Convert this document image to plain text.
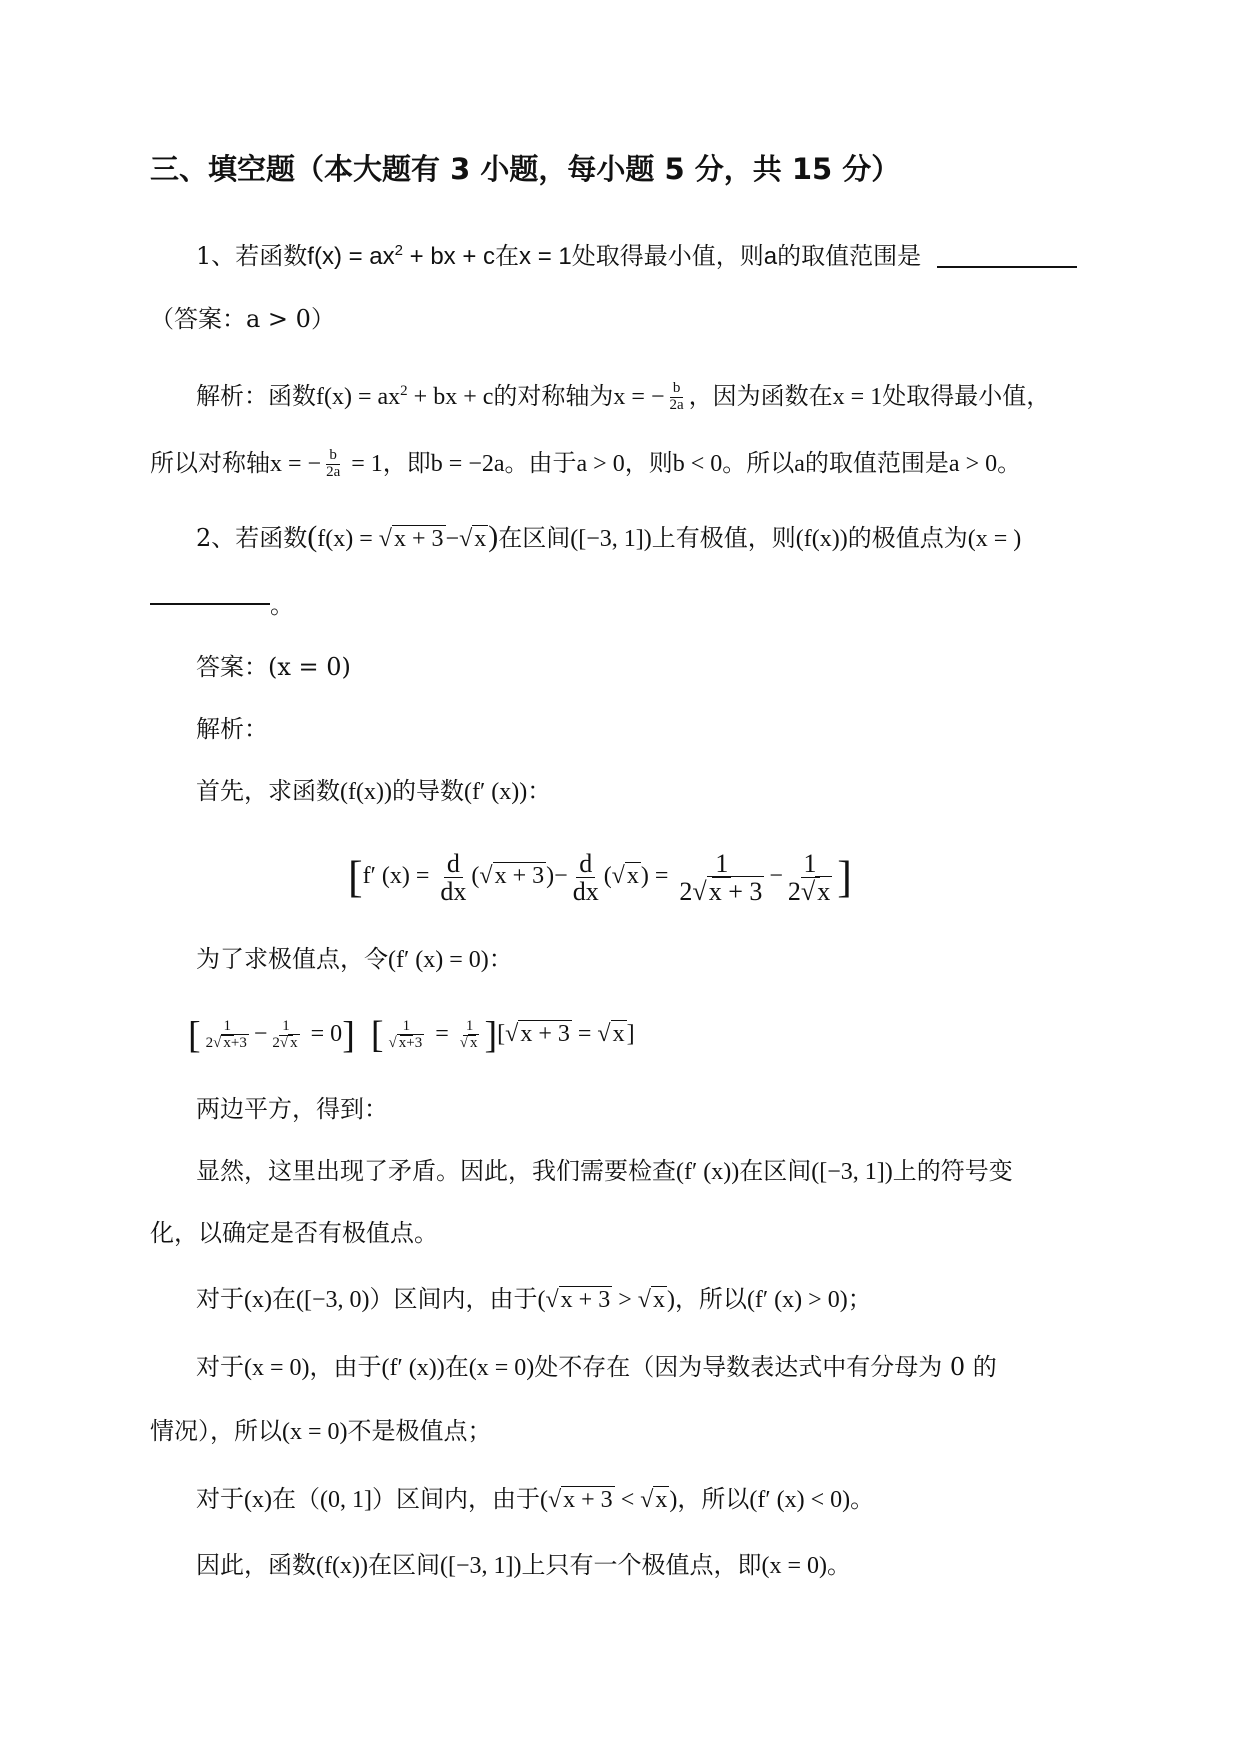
三、填空题（本大题有 3 小题，每小题 5 分，共 15 分）
1、若函数$f(x) = ax^2$ + bx + c在x = 1处取得最小值，则a的取值范围是
（答案：a > 0）
解析：函数$f(x) = ax^2$ + bx + c的对称轴为x = − $\frac{b}{2a}$ ，因为函数在x = 1处取得最小值，
所以对称轴x = − $\frac{b}{2a} = 1$，即b = −2a。由于a > 0，则b < 0。所以a的取值范围是a > 0。
2、若函数(f(x) = √x + 3−√x)在区间([−3, 1])上有极值，则(f(x))的极值点为(x = )
。
答案：(x = 0)
解析：
首先，求函数(f(x))的导数(f′ (x))：
[f′ $(x) = \frac{d}{dx} (√x + 3)- \frac{d}{dx} (√x) = \frac{1}{2√x + 3} - \frac{1}{2√x}$ ]
为了求极值点，令(f′ (x) = 0)：
[ $\frac{1}{2√ x+3} - \frac{1}{2√ x} = 0$] [ $\frac{1}{√ x+3} = \frac{1}{√ x} ][√x + 3 = √x]$
两边平方，得到：
显然，这里出现了矛盾。因此，我们需要检查(f′ (x))在区间([−3, 1])上的符号变
化，以确定是否有极值点。
对于(x)在([−3, 0)）区间内，由于(√x + 3 > √x)，所以(f′ (x) > 0)；
对于(x = 0)，由于(f′ (x))在(x = 0)处不存在（因为导数表达式中有分母为 0 的
情况），所以(x = 0)不是极值点；
对于(x)在（(0, 1]）区间内，由于(√x + 3 < √x)，所以(f′ (x) < 0)。
因此，函数(f(x))在区间([−3, 1])上只有一个极值点，即(x = 0)。
